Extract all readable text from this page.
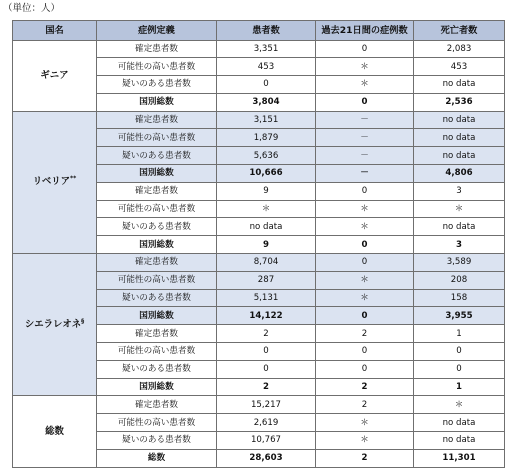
（単位：人）
国名	症例定義	患者数	過去21日間の症例数	死亡者数
ギニア	確定患者数	3,351	0	2,083
	可能性の高い患者数	453	＊	453
	疑いのある患者数	0	＊	no data
	国別総数	3,804	0	2,536
リベリア**	確定患者数	3,151	－	no data
	可能性の高い患者数	1,879	－	no data
	疑いのある患者数	5,636	－	no data
	国別総数	10,666	－	4,806
	確定患者数	9	0	3
	可能性の高い患者数	＊	＊	＊
	疑いのある患者数	no data	＊	no data
	国別総数	9	0	3
シエラレオネ§	確定患者数	8,704	0	3,589
	可能性の高い患者数	287	＊	208
	疑いのある患者数	5,131	＊	158
	国別総数	14,122	0	3,955
	確定患者数	2	2	1
	可能性の高い患者数	0	0	0
	疑いのある患者数	0	0	0
	国別総数	2	2	1
総数	確定患者数	15,217	2	＊
	可能性の高い患者数	2,619	＊	no data
	疑いのある患者数	10,767	＊	no data
	総数	28,603	2	11,301
